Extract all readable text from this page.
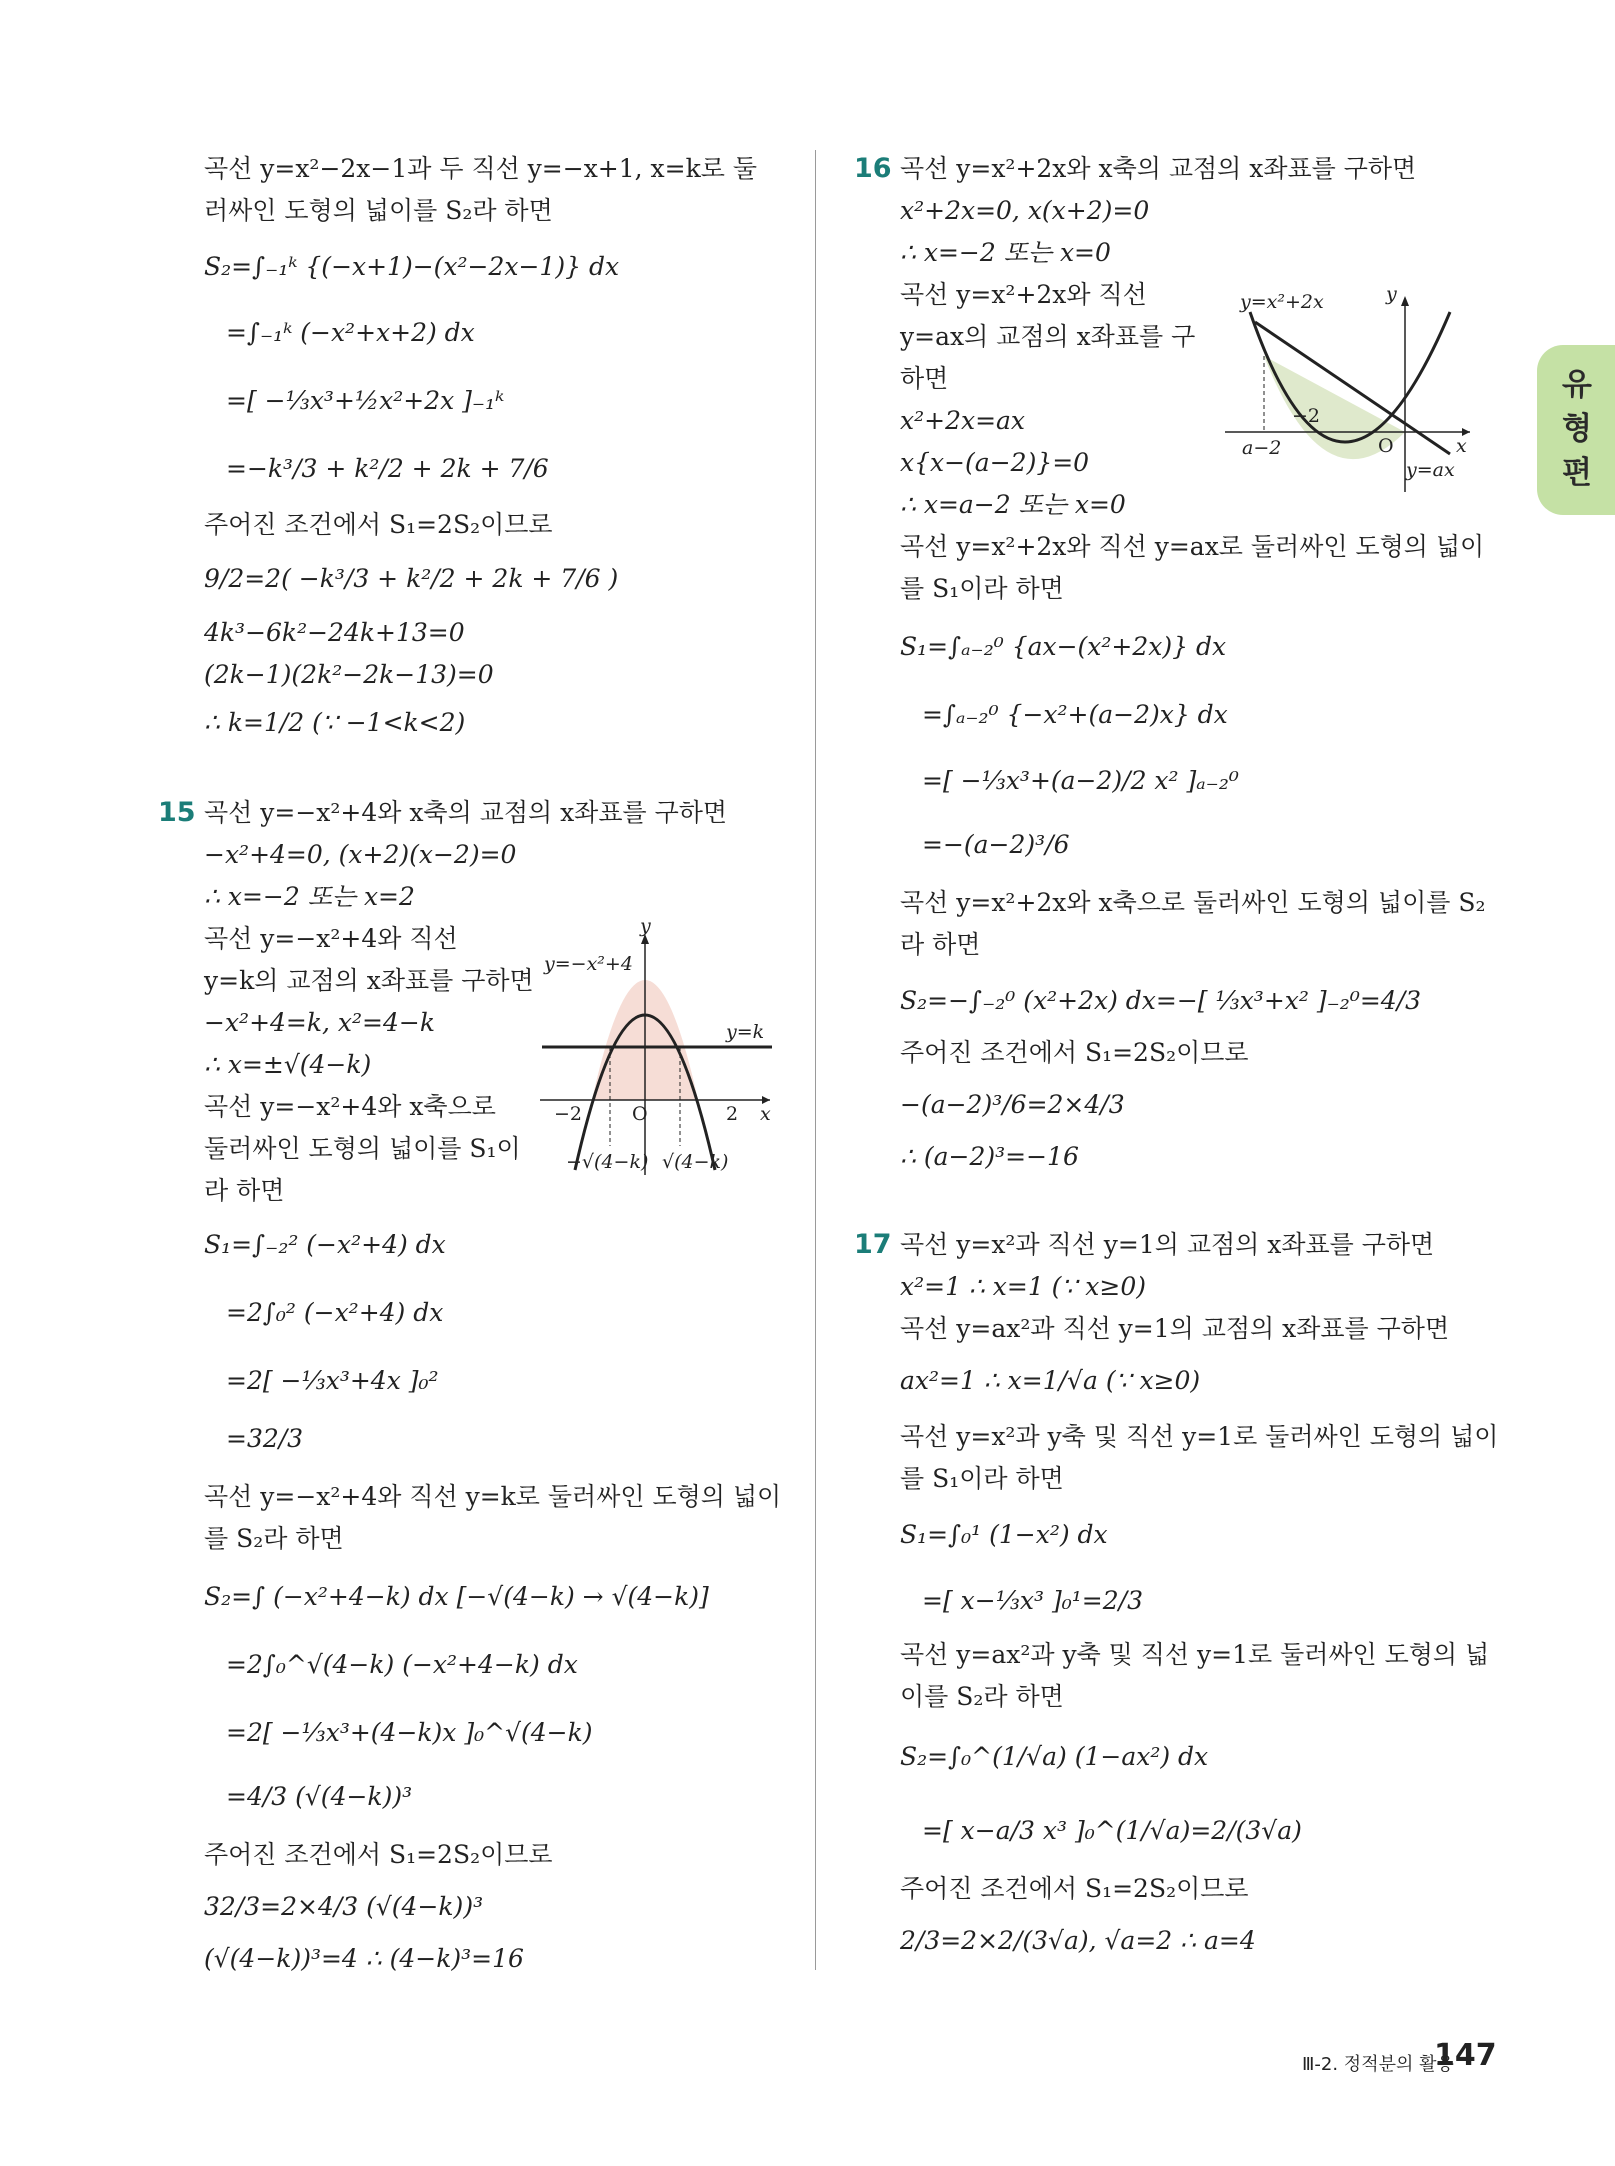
곡선 y=x²−2x−1과 두 직선 y=−x+1, x=k로 둘
러싸인 도형의 넓이를 S₂라 하면
S₂=∫₋₁ᵏ {(−x+1)−(x²−2x−1)} dx
=∫₋₁ᵏ (−x²+x+2) dx
=[ −⅓x³+½x²+2x ]₋₁ᵏ
=−k³/3 + k²/2 + 2k + 7/6
주어진 조건에서 S₁=2S₂이므로
9/2=2( −k³/3 + k²/2 + 2k + 7/6 )
4k³−6k²−24k+13=0
(2k−1)(2k²−2k−13)=0
∴ k=1/2 (∵ −1<k<2)
15 곡선 y=−x²+4와 x축의 교점의 x좌표를 구하면
−x²+4=0, (x+2)(x−2)=0
∴ x=−2 또는 x=2
곡선 y=−x²+4와 직선
y=k의 교점의 x좌표를 구하면
−x²+4=k, x²=4−k
∴ x=±√(4−k)
곡선 y=−x²+4와 x축으로
둘러싸인 도형의 넓이를 S₁이
라 하면
S₁=∫₋₂² (−x²+4) dx
=2∫₀² (−x²+4) dx
=2[ −⅓x³+4x ]₀²
=32/3
곡선 y=−x²+4와 직선 y=k로 둘러싸인 도형의 넓이
를 S₂라 하면
S₂=∫ (−x²+4−k) dx [−√(4−k) → √(4−k)]
=2∫₀^√(4−k) (−x²+4−k) dx
=2[ −⅓x³+(4−k)x ]₀^√(4−k)
=4/3 (√(4−k))³
주어진 조건에서 S₁=2S₂이므로
32/3=2×4/3 (√(4−k))³
(√(4−k))³=4 ∴ (4−k)³=16
y=−x²+4
y
y=k
−2	O	2 x
−√(4−k) √(4−k)
16 곡선 y=x²+2x와 x축의 교점의 x좌표를 구하면
x²+2x=0, x(x+2)=0
∴ x=−2 또는 x=0
곡선 y=x²+2x와 직선
y=ax의 교점의 x좌표를 구
하면
x²+2x=ax
x{x−(a−2)}=0
∴ x=a−2 또는 x=0
곡선 y=x²+2x와 직선 y=ax로 둘러싸인 도형의 넓이
를 S₁이라 하면
S₁=∫ₐ₋₂⁰ {ax−(x²+2x)} dx
=∫ₐ₋₂⁰ {−x²+(a−2)x} dx
=[ −⅓x³+(a−2)/2 x² ]ₐ₋₂⁰
=−(a−2)³/6
곡선 y=x²+2x와 x축으로 둘러싸인 도형의 넓이를 S₂
라 하면
S₂=−∫₋₂⁰ (x²+2x) dx=−[ ⅓x³+x² ]₋₂⁰=4/3
주어진 조건에서 S₁=2S₂이므로
−(a−2)³/6=2×4/3
∴ (a−2)³=−16
17 곡선 y=x²과 직선 y=1의 교점의 x좌표를 구하면
x²=1 ∴ x=1 (∵ x≥0)
곡선 y=ax²과 직선 y=1의 교점의 x좌표를 구하면
ax²=1 ∴ x=1/√a (∵ x≥0)
곡선 y=x²과 y축 및 직선 y=1로 둘러싸인 도형의 넓이
를 S₁이라 하면
S₁=∫₀¹ (1−x²) dx
=[ x−⅓x³ ]₀¹=2/3
곡선 y=ax²과 y축 및 직선 y=1로 둘러싸인 도형의 넓
이를 S₂라 하면
S₂=∫₀^(1/√a) (1−ax²) dx
=[ x−a/3 x³ ]₀^(1/√a)=2/(3√a)
주어진 조건에서 S₁=2S₂이므로
2/3=2×2/(3√a), √a=2 ∴ a=4
y=x²+2x	y
−2
a−2	O	x
y=ax
유
형
편
Ⅲ-2. 정적분의 활용
147
